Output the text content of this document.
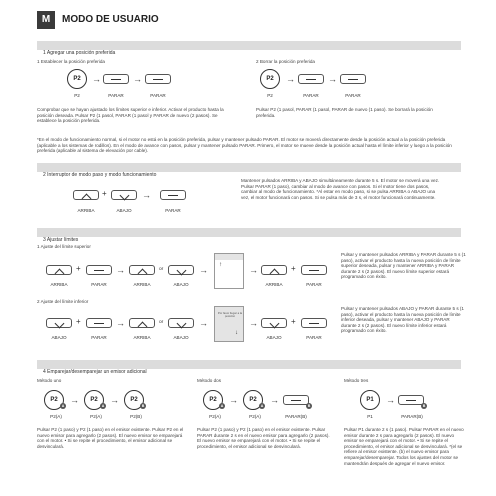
M	MODO DE USUARIO
1 Agregar una posición preferida
1 Establecer la posición preferida	2 Borrar la posición preferida
P2	→	→
P2	PARAR	PARAR
P2	→	→
P2	PARAR	PARAR
Comprobar que se hayan ajustado los límites superior e inferior. Activar el producto hasta la posición deseada. Pulsar P2 (1 pasol, PARAR (1 pasol y PARAR de nuevo (2 pasos). Se establece la posición preferida.
Pulsar P2 (1 pasol, PARAR (1 pasol, PARAR de nuevo (1 paso). Se borrará la posición preferida.
*En el modo de funcionamiento normal, si el motor no está en la posición preferida, pulsar y mantener pulsado PARAR. El motor se moverá directamente desde la posición actual a la posición preferida (aplicable a los sistemas de rodillos). En el modo de avance con pasos, pulsar y mantener pulsado PARAR. Primero, el motor se mueve desde la posición actual hasta el límite inferior y luego a la posición preferida (aplicable al sistema de elevación por cable).
2 Interruptor de modo paso y modo funcionamiento
+	→
ARRIBA	ABAJO	PARAR
Mantener pulsados ARRIBA y ABAJO simultáneamente durante 5 s. El motor se moverá una vez. Pulsar PARAR (1 paso), cambiar al modo de avance con pasos. Si el motor tiene dos pasos, cambiar al modo de funcionamiento. *Al estar en modo paso, si se pulsa ARRIBA o ABAJO una vez, el motor funcionará con pasos. Si se pulsa más de 3 s, el motor funcionará continuamente.
3 Ajustar límites
1 Ajuste del límite superior
+	→	or	→ ↑	→	+
ARRIBA	PARAR	ARRIBA	ABAJO	ARRIBA	PARAR
Pulsar y mantener pulsados ARRIBA y PARAR durante 5 s (1 paso), activar el producto hasta la nueva posición de límite superior deseada, pulsar y mantener ARRIBA y PARAR durante 2 s (2 pasos). El nuevo límite superior estará programado con éxito.
2 Ajuste del límite inferior
+	→	or	→
Por favor llegar a la posición
↓
→	+
ABAJO	PARAR	ARRIBA	ABAJO	ABAJO	PARAR
Pulsar y mantener pulsados ABAJO y PARAR durante 5 s (1 paso), activar el producto hasta la nueva posición de límite inferior deseada, pulsar y mantener ABAJO y PARAR durante 2 s (2 pasos). El nuevo límite inferior estará programado con éxito.
4 Emparejar/desemparejar un emisor adicional
Método uno	Método dos	Método tres
P2
A
→	P2
A
→	P2
B
P2(A)	P2(A)	P2(B)
P2
A
→	P2
A
→
B
P2(A)	P2(A)	PARAR(B)
P1	→
B
P1	PARAR(B)
Pulsar P2 (1 paso) y P2 (1 paso) en el emisor existente. Pulsar P2 en el nuevo emisor para agregarlo (2 pasos). El nuevo emisor se emparejará con el motor. • Si se repite el procedimiento, el emisor adicional se desvinculará.
Pulsar P2 (1 paso) y P2 (1 paso) en el emisor existente. Pulsar PARAR durante 2 s en el nuevo emisor para agregarlo (2 pasos). El nuevo emisor se emparejará con el motor. • Si se repite el procedimiento, el emisor adicional se desvinculará.
Pulsar P1 durante 2 s (1 paso). Pulsar PARAR en el nuevo emisor durante 2 s para agregarlo (2 pasos). El nuevo emisor se emparejará con el motor. • Si se repite el procedimiento, el emisor adicional se desvinculará. *(el se refiere al emisor existente. (b) el nuevo emisor para emparejar/desemparejar. Todos los ajustes del motor se mantendrán después de agregar el nuevo emisor.
